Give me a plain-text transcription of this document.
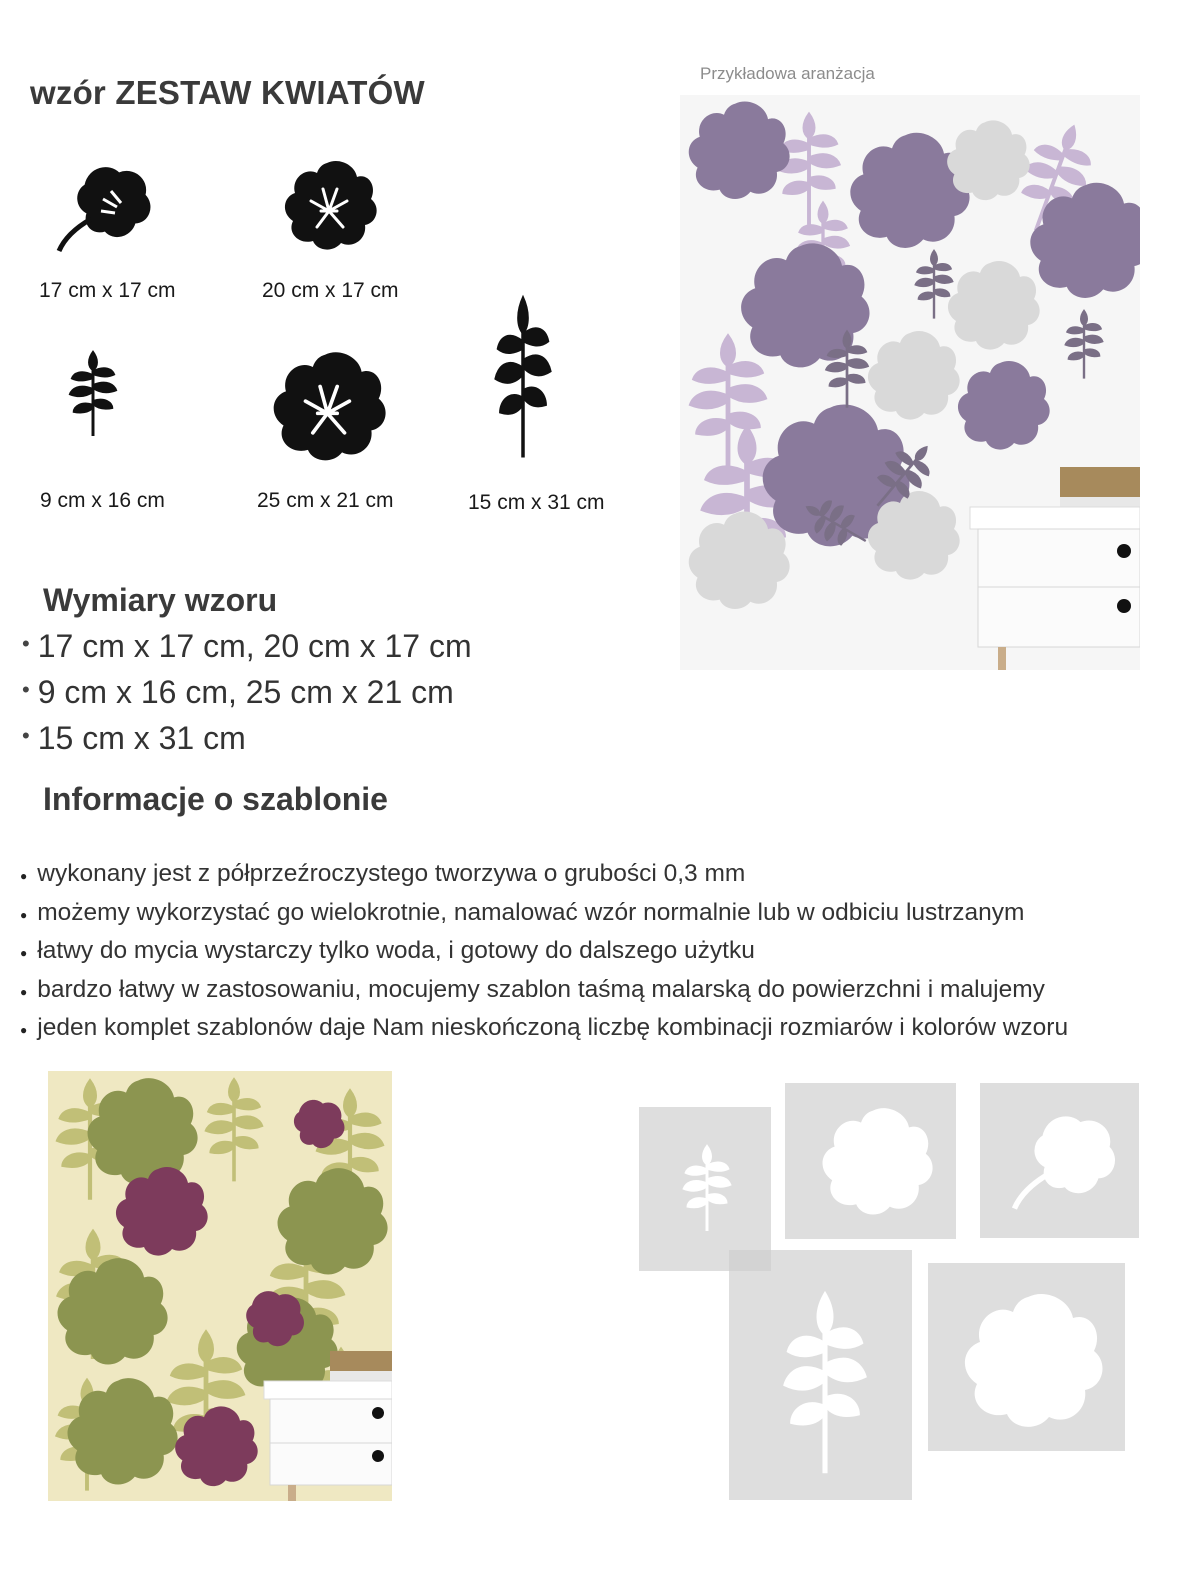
wzór ZESTAW KWIATÓW
17 cm x 17 cm	20 cm x 17 cm
9 cm x 16 cm	25 cm x 21 cm	15 cm x 31 cm
Przykładowa aranżacja
Wymiary wzoru
• 17 cm x 17 cm, 20 cm x 17 cm
• 9 cm x 16 cm, 25 cm x 21 cm
• 15 cm x 31 cm
Informacje o szablonie
● wykonany jest z półprzeźroczystego tworzywa o grubości 0,3 mm
● możemy wykorzystać go wielokrotnie, namalować wzór normalnie lub w odbiciu lustrzanym
● łatwy do mycia wystarczy tylko woda, i gotowy do dalszego użytku
● bardzo łatwy w zastosowaniu, mocujemy szablon taśmą malarską do powierzchni i malujemy
● jeden komplet szablonów daje Nam nieskończoną liczbę kombinacji rozmiarów i kolorów wzoru
